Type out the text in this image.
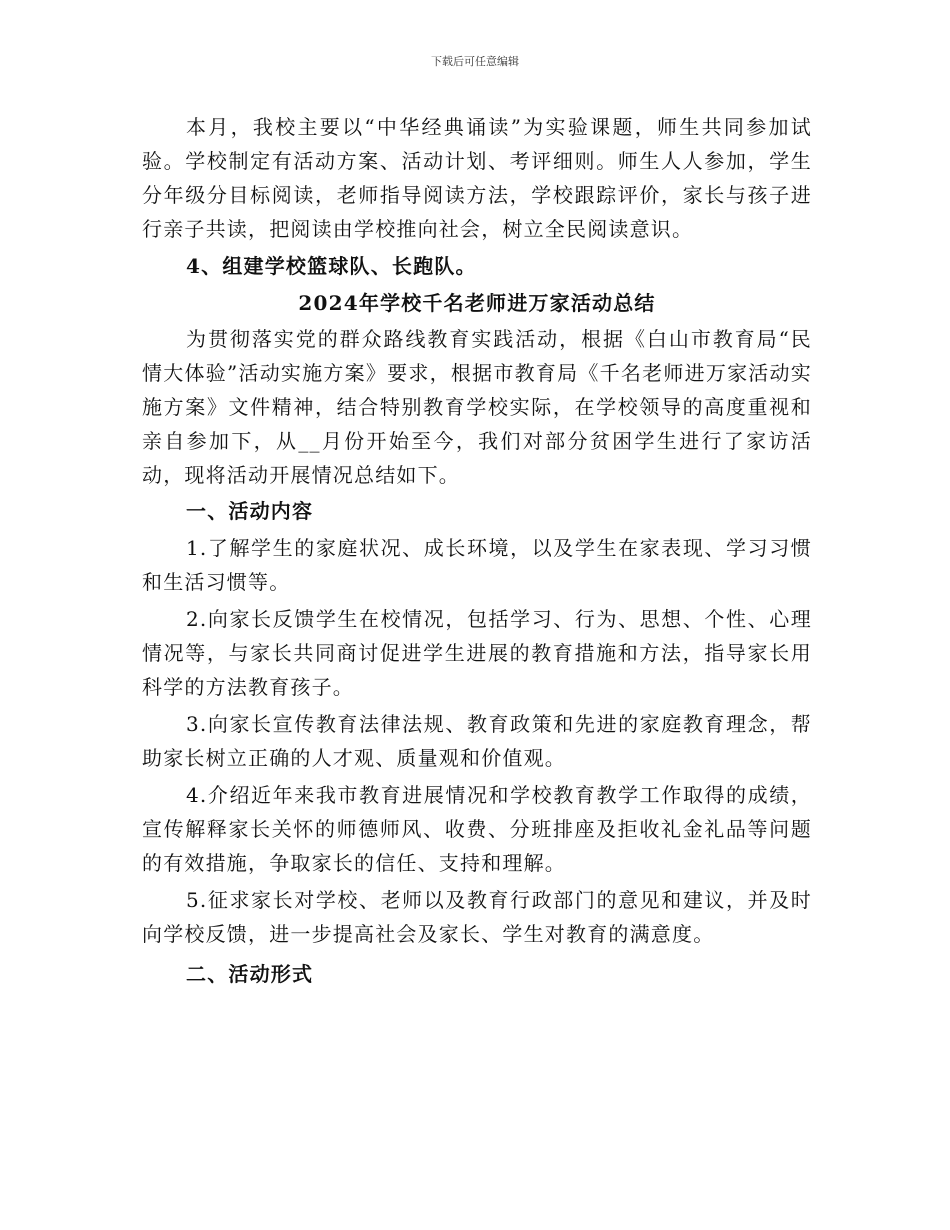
下载后可任意编辑

本月，我校主要以“中华经典诵读”为实验课题，师生共同参加试验。学校制定有活动方案、活动计划、考评细则。师生人人参加，学生分年级分目标阅读，老师指导阅读方法，学校跟踪评价，家长与孩子进行亲子共读，把阅读由学校推向社会，树立全民阅读意识。

4、组建学校篮球队、长跑队。

2024年学校千名老师进万家活动总结

为贯彻落实党的群众路线教育实践活动，根据《白山市教育局“民情大体验”活动实施方案》要求，根据市教育局《千名老师进万家活动实施方案》文件精神，结合特别教育学校实际，在学校领导的高度重视和亲自参加下，从__月份开始至今，我们对部分贫困学生进行了家访活动，现将活动开展情况总结如下。

一、活动内容

1.了解学生的家庭状况、成长环境，以及学生在家表现、学习习惯和生活习惯等。

2.向家长反馈学生在校情况，包括学习、行为、思想、个性、心理情况等，与家长共同商讨促进学生进展的教育措施和方法，指导家长用科学的方法教育孩子。

3.向家长宣传教育法律法规、教育政策和先进的家庭教育理念，帮助家长树立正确的人才观、质量观和价值观。

4.介绍近年来我市教育进展情况和学校教育教学工作取得的成绩，宣传解释家长关怀的师德师风、收费、分班排座及拒收礼金礼品等问题的有效措施，争取家长的信任、支持和理解。

5.征求家长对学校、老师以及教育行政部门的意见和建议，并及时向学校反馈，进一步提高社会及家长、学生对教育的满意度。

二、活动形式
